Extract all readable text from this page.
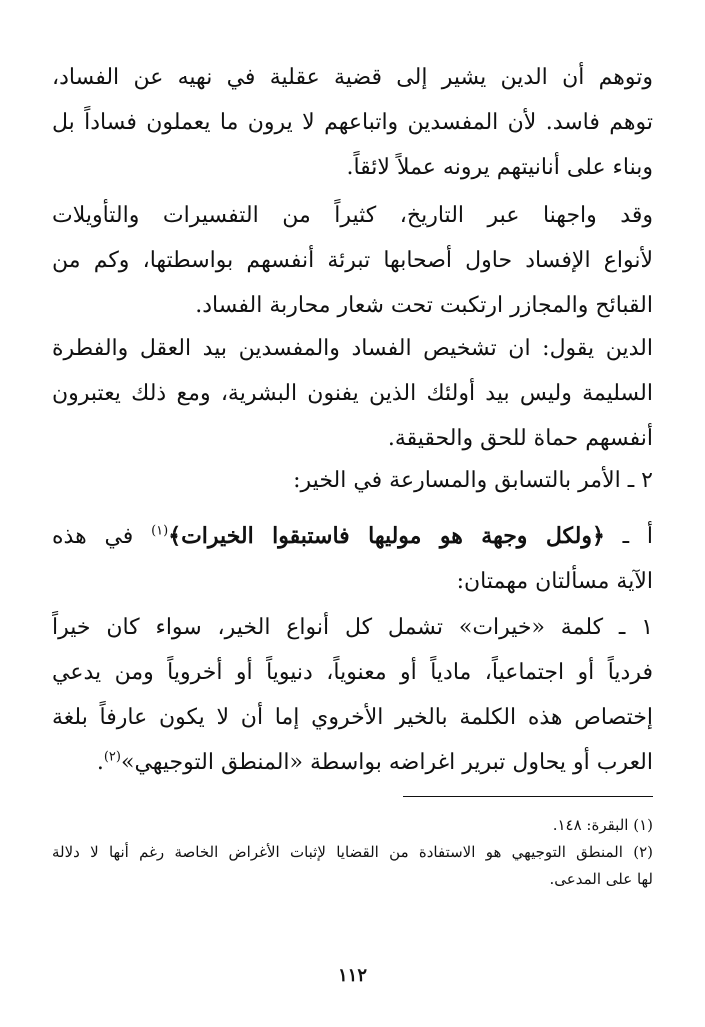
وتوهم أن الدين يشير إلى قضية عقلية في نهيه عن الفساد،
توهم فاسد. لأن المفسدين واتباعهم لا يرون ما يعملون فساداً بل
وبناء على أنانيتهم يرونه عملاً لائقاً.
وقد واجهنا عبر التاريخ، كثيراً من التفسيرات والتأويلات
لأنواع الإفساد حاول أصحابها تبرئة أنفسهم بواسطتها، وكم من
القبائح والمجازر ارتكبت تحت شعار محاربة الفساد.
الدين يقول: ان تشخيص الفساد والمفسدين بيد العقل والفطرة
السليمة وليس بيد أولئك الذين يفنون البشرية، ومع ذلك يعتبرون
أنفسهم حماة للحق والحقيقة.
٢ ـ الأمر بالتسابق والمسارعة في الخير:
أ ـ ﴿ولكل وجهة هو موليها فاستبقوا الخيرات﴾$^{(١)}$ في هذه
الآية مسألتان مهمتان:
١ ـ كلمة «خيرات» تشمل كل أنواع الخير، سواء كان خيراً
فردياً أو اجتماعياً، مادياً أو معنوياً، دنيوياً أو أخروياً ومن يدعي
إختصاص هذه الكلمة بالخير الأخروي إما أن لا يكون عارفاً بلغة
العرب أو يحاول تبرير اغراضه بواسطة «المنطق التوجيهي»$^{(٢)}$.
(١) البقرة: ١٤٨.
(٢) المنطق التوجيهي هو الاستفادة من القضايا لإثبات الأغراض الخاصة رغم أنها لا دلالة
لها على المدعى.
١١٢
